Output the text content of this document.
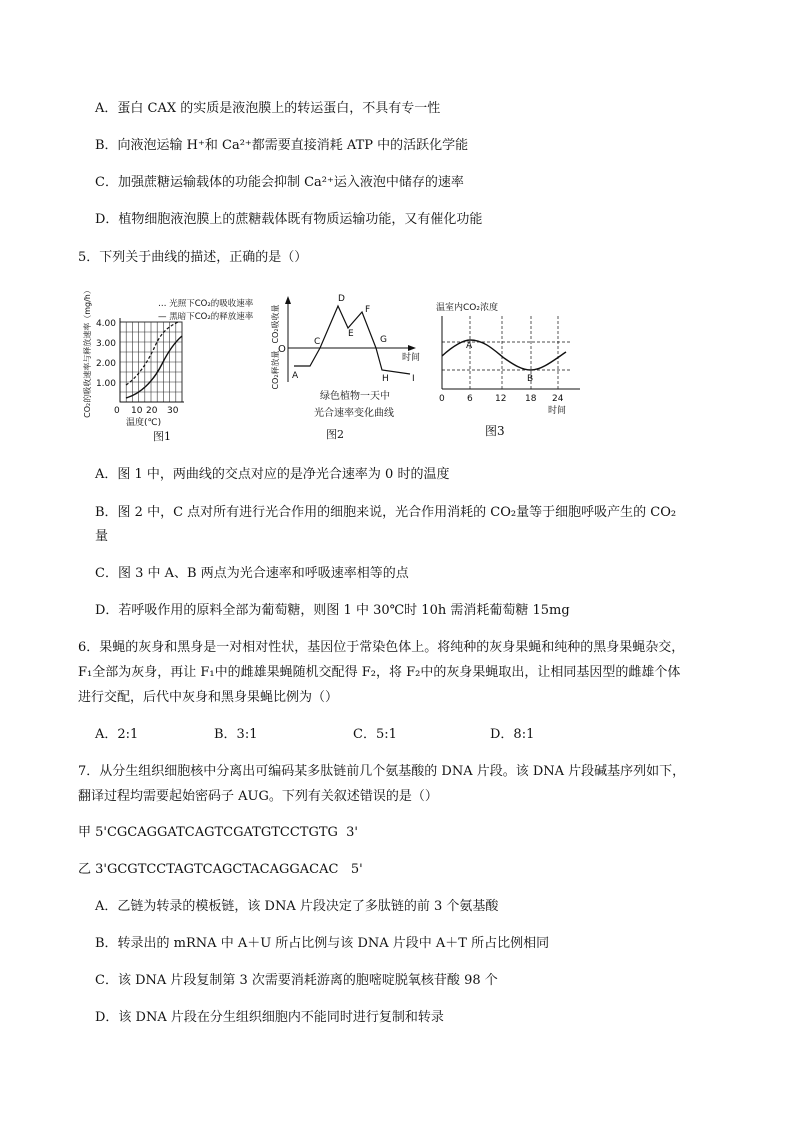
A．蛋白 CAX 的实质是液泡膜上的转运蛋白，不具有专一性
B．向液泡运输 H⁺和 Ca²⁺都需要直接消耗 ATP 中的活跃化学能
C．加强蔗糖运输载体的功能会抑制 Ca²⁺运入液泡中储存的速率
D．植物细胞液泡膜上的蔗糖载体既有物质运输功能，又有催化功能
5．下列关于曲线的描述，正确的是（）
CO₂的吸收速率与释放速率（mg/h）	… 光照下CO₂的吸收速率
— 黑暗下CO₂的释放速率
4.00
3.00
2.00
1.00
0 10 20 30
温度(℃)
图1
CO₂吸收量
CO₂释放量
O
时间
A
C
D
E
F
G
H	I
绿色植物一天中
光合速率变化曲线
图2
温室内CO₂浓度
A
B
0 6 12 18 24
时间
图3
A．图 1 中，两曲线的交点对应的是净光合速率为 0 时的温度
B．图 2 中，C 点对所有进行光合作用的细胞来说，光合作用消耗的 CO₂量等于细胞呼吸产生的 CO₂
量
C．图 3 中 A、B 两点为光合速率和呼吸速率相等的点
D．若呼吸作用的原料全部为葡萄糖，则图 1 中 30℃时 10h 需消耗葡萄糖 15mg
6．果蝇的灰身和黑身是一对相对性状，基因位于常染色体上。将纯种的灰身果蝇和纯种的黑身果蝇杂交，
F₁全部为灰身，再让 F₁中的雌雄果蝇随机交配得 F₂，将 F₂中的灰身果蝇取出，让相同基因型的雌雄个体
进行交配，后代中灰身和黑身果蝇比例为（）
A．2:1	B．3:1	C．5:1	D．8:1
7．从分生组织细胞核中分离出可编码某多肽链前几个氨基酸的 DNA 片段。该 DNA 片段碱基序列如下，
翻译过程均需要起始密码子 AUG。下列有关叙述错误的是（）
甲 5'CGCAGGATCAGTCGATGTCCTGTG  3'
乙 3'GCGTCCTAGTCAGCTACAGGACAC   5'
A．乙链为转录的模板链，该 DNA 片段决定了多肽链的前 3 个氨基酸
B．转录出的 mRNA 中 A＋U 所占比例与该 DNA 片段中 A＋T 所占比例相同
C．该 DNA 片段复制第 3 次需要消耗游离的胞嘧啶脱氧核苷酸 98 个
D．该 DNA 片段在分生组织细胞内不能同时进行复制和转录
